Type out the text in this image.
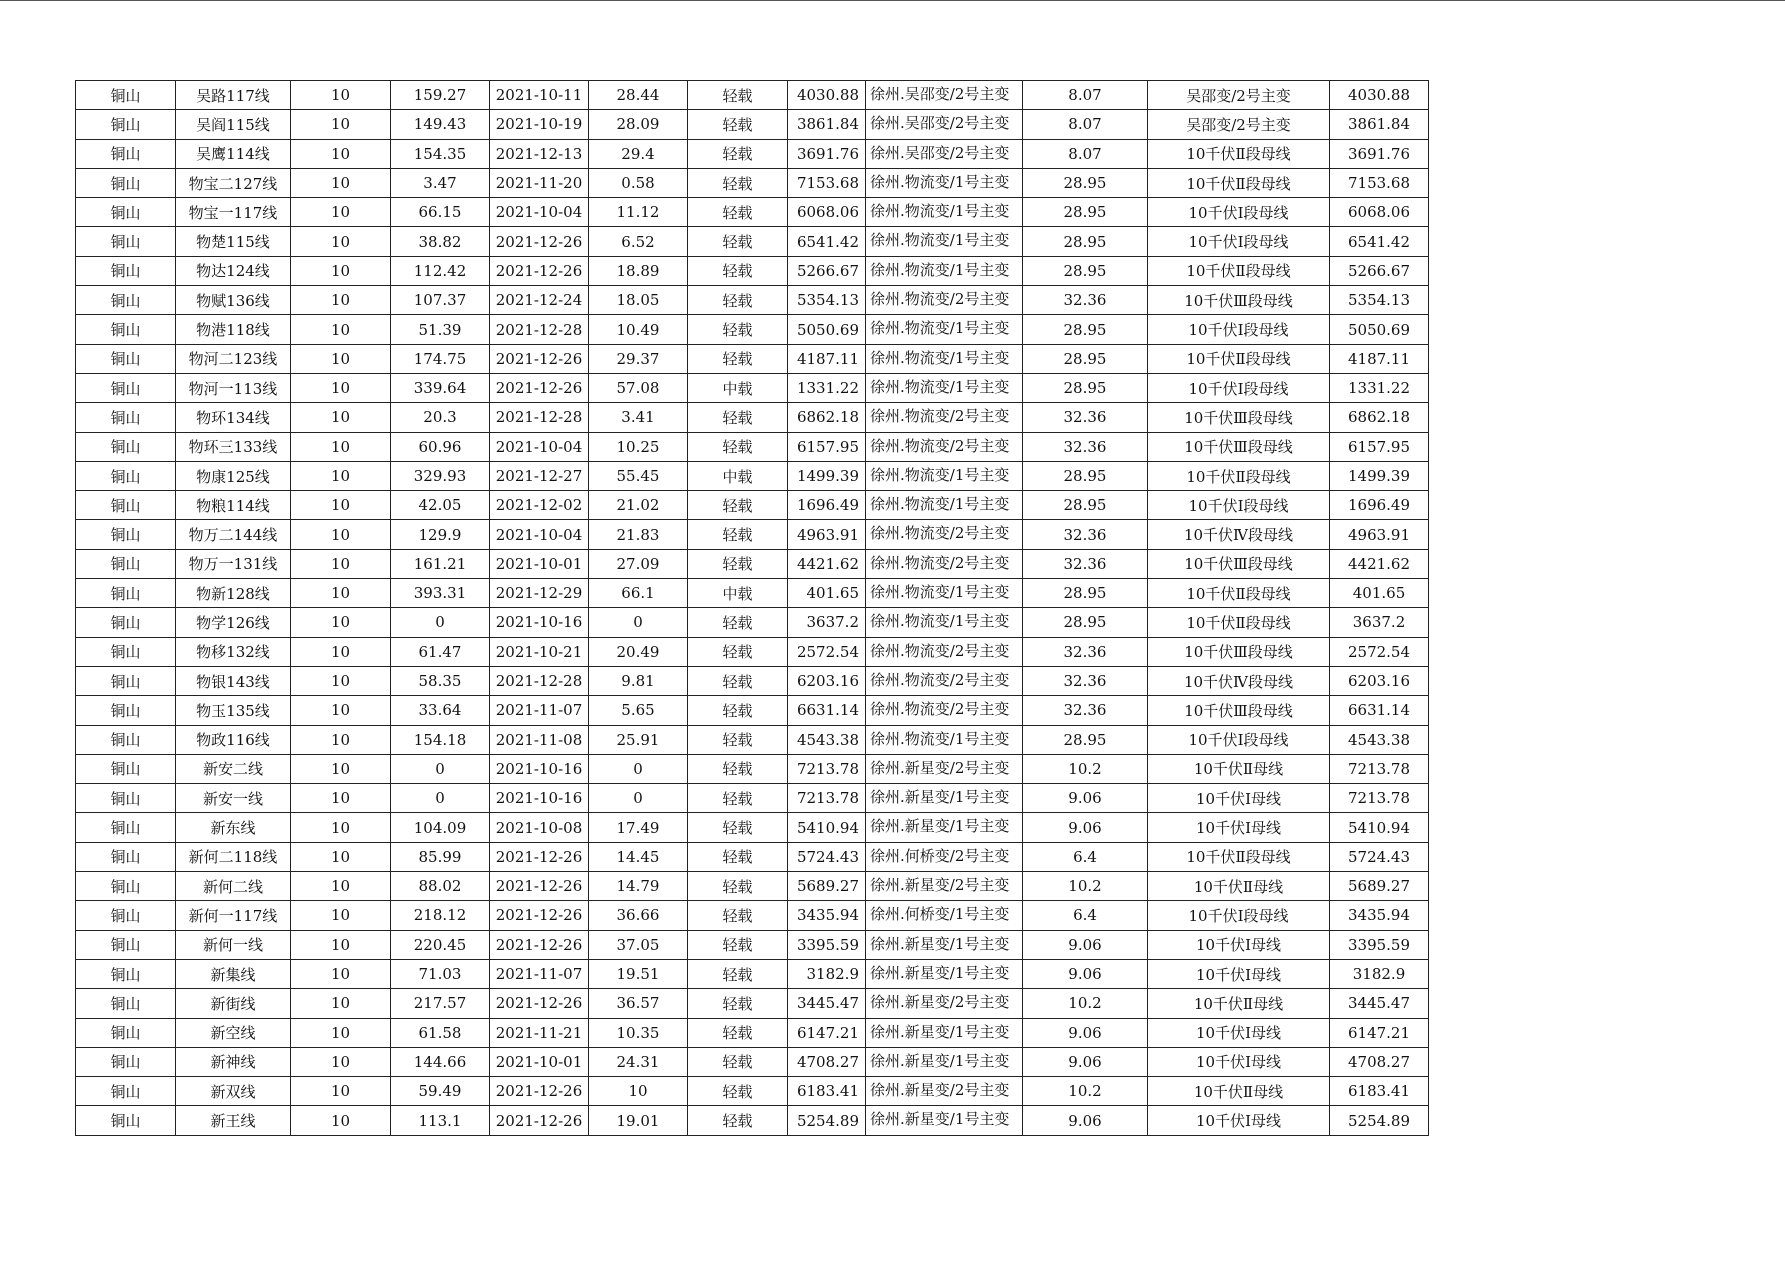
铜山	吴路117线	10	159.27	2021-10-11	28.44	轻载	4030.88	徐州.吴邵变/2号主变	8.07	吴邵变/2号主变	4030.88
铜山	吴阎115线	10	149.43	2021-10-19	28.09	轻载	3861.84	徐州.吴邵变/2号主变	8.07	吴邵变/2号主变	3861.84
铜山	吴鹰114线	10	154.35	2021-12-13	29.4	轻载	3691.76	徐州.吴邵变/2号主变	8.07	10千伏Ⅱ段母线	3691.76
铜山	物宝二127线	10	3.47	2021-11-20	0.58	轻载	7153.68	徐州.物流变/1号主变	28.95	10千伏Ⅱ段母线	7153.68
铜山	物宝一117线	10	66.15	2021-10-04	11.12	轻载	6068.06	徐州.物流变/1号主变	28.95	10千伏Ⅰ段母线	6068.06
铜山	物楚115线	10	38.82	2021-12-26	6.52	轻载	6541.42	徐州.物流变/1号主变	28.95	10千伏Ⅰ段母线	6541.42
铜山	物达124线	10	112.42	2021-12-26	18.89	轻载	5266.67	徐州.物流变/1号主变	28.95	10千伏Ⅱ段母线	5266.67
铜山	物赋136线	10	107.37	2021-12-24	18.05	轻载	5354.13	徐州.物流变/2号主变	32.36	10千伏Ⅲ段母线	5354.13
铜山	物港118线	10	51.39	2021-12-28	10.49	轻载	5050.69	徐州.物流变/1号主变	28.95	10千伏Ⅰ段母线	5050.69
铜山	物河二123线	10	174.75	2021-12-26	29.37	轻载	4187.11	徐州.物流变/1号主变	28.95	10千伏Ⅱ段母线	4187.11
铜山	物河一113线	10	339.64	2021-12-26	57.08	中载	1331.22	徐州.物流变/1号主变	28.95	10千伏Ⅰ段母线	1331.22
铜山	物环134线	10	20.3	2021-12-28	3.41	轻载	6862.18	徐州.物流变/2号主变	32.36	10千伏Ⅲ段母线	6862.18
铜山	物环三133线	10	60.96	2021-10-04	10.25	轻载	6157.95	徐州.物流变/2号主变	32.36	10千伏Ⅲ段母线	6157.95
铜山	物康125线	10	329.93	2021-12-27	55.45	中载	1499.39	徐州.物流变/1号主变	28.95	10千伏Ⅱ段母线	1499.39
铜山	物粮114线	10	42.05	2021-12-02	21.02	轻载	1696.49	徐州.物流变/1号主变	28.95	10千伏Ⅰ段母线	1696.49
铜山	物万二144线	10	129.9	2021-10-04	21.83	轻载	4963.91	徐州.物流变/2号主变	32.36	10千伏Ⅳ段母线	4963.91
铜山	物万一131线	10	161.21	2021-10-01	27.09	轻载	4421.62	徐州.物流变/2号主变	32.36	10千伏Ⅲ段母线	4421.62
铜山	物新128线	10	393.31	2021-12-29	66.1	中载	401.65	徐州.物流变/1号主变	28.95	10千伏Ⅱ段母线	401.65
铜山	物学126线	10	0	2021-10-16	0	轻载	3637.2	徐州.物流变/1号主变	28.95	10千伏Ⅱ段母线	3637.2
铜山	物移132线	10	61.47	2021-10-21	20.49	轻载	2572.54	徐州.物流变/2号主变	32.36	10千伏Ⅲ段母线	2572.54
铜山	物银143线	10	58.35	2021-12-28	9.81	轻载	6203.16	徐州.物流变/2号主变	32.36	10千伏Ⅳ段母线	6203.16
铜山	物玉135线	10	33.64	2021-11-07	5.65	轻载	6631.14	徐州.物流变/2号主变	32.36	10千伏Ⅲ段母线	6631.14
铜山	物政116线	10	154.18	2021-11-08	25.91	轻载	4543.38	徐州.物流变/1号主变	28.95	10千伏Ⅰ段母线	4543.38
铜山	新安二线	10	0	2021-10-16	0	轻载	7213.78	徐州.新星变/2号主变	10.2	10千伏Ⅱ母线	7213.78
铜山	新安一线	10	0	2021-10-16	0	轻载	7213.78	徐州.新星变/1号主变	9.06	10千伏Ⅰ母线	7213.78
铜山	新东线	10	104.09	2021-10-08	17.49	轻载	5410.94	徐州.新星变/1号主变	9.06	10千伏Ⅰ母线	5410.94
铜山	新何二118线	10	85.99	2021-12-26	14.45	轻载	5724.43	徐州.何桥变/2号主变	6.4	10千伏Ⅱ段母线	5724.43
铜山	新何二线	10	88.02	2021-12-26	14.79	轻载	5689.27	徐州.新星变/2号主变	10.2	10千伏Ⅱ母线	5689.27
铜山	新何一117线	10	218.12	2021-12-26	36.66	轻载	3435.94	徐州.何桥变/1号主变	6.4	10千伏Ⅰ段母线	3435.94
铜山	新何一线	10	220.45	2021-12-26	37.05	轻载	3395.59	徐州.新星变/1号主变	9.06	10千伏Ⅰ母线	3395.59
铜山	新集线	10	71.03	2021-11-07	19.51	轻载	3182.9	徐州.新星变/1号主变	9.06	10千伏Ⅰ母线	3182.9
铜山	新街线	10	217.57	2021-12-26	36.57	轻载	3445.47	徐州.新星变/2号主变	10.2	10千伏Ⅱ母线	3445.47
铜山	新空线	10	61.58	2021-11-21	10.35	轻载	6147.21	徐州.新星变/1号主变	9.06	10千伏Ⅰ母线	6147.21
铜山	新神线	10	144.66	2021-10-01	24.31	轻载	4708.27	徐州.新星变/1号主变	9.06	10千伏Ⅰ母线	4708.27
铜山	新双线	10	59.49	2021-12-26	10	轻载	6183.41	徐州.新星变/2号主变	10.2	10千伏Ⅱ母线	6183.41
铜山	新王线	10	113.1	2021-12-26	19.01	轻载	5254.89	徐州.新星变/1号主变	9.06	10千伏Ⅰ母线	5254.89
